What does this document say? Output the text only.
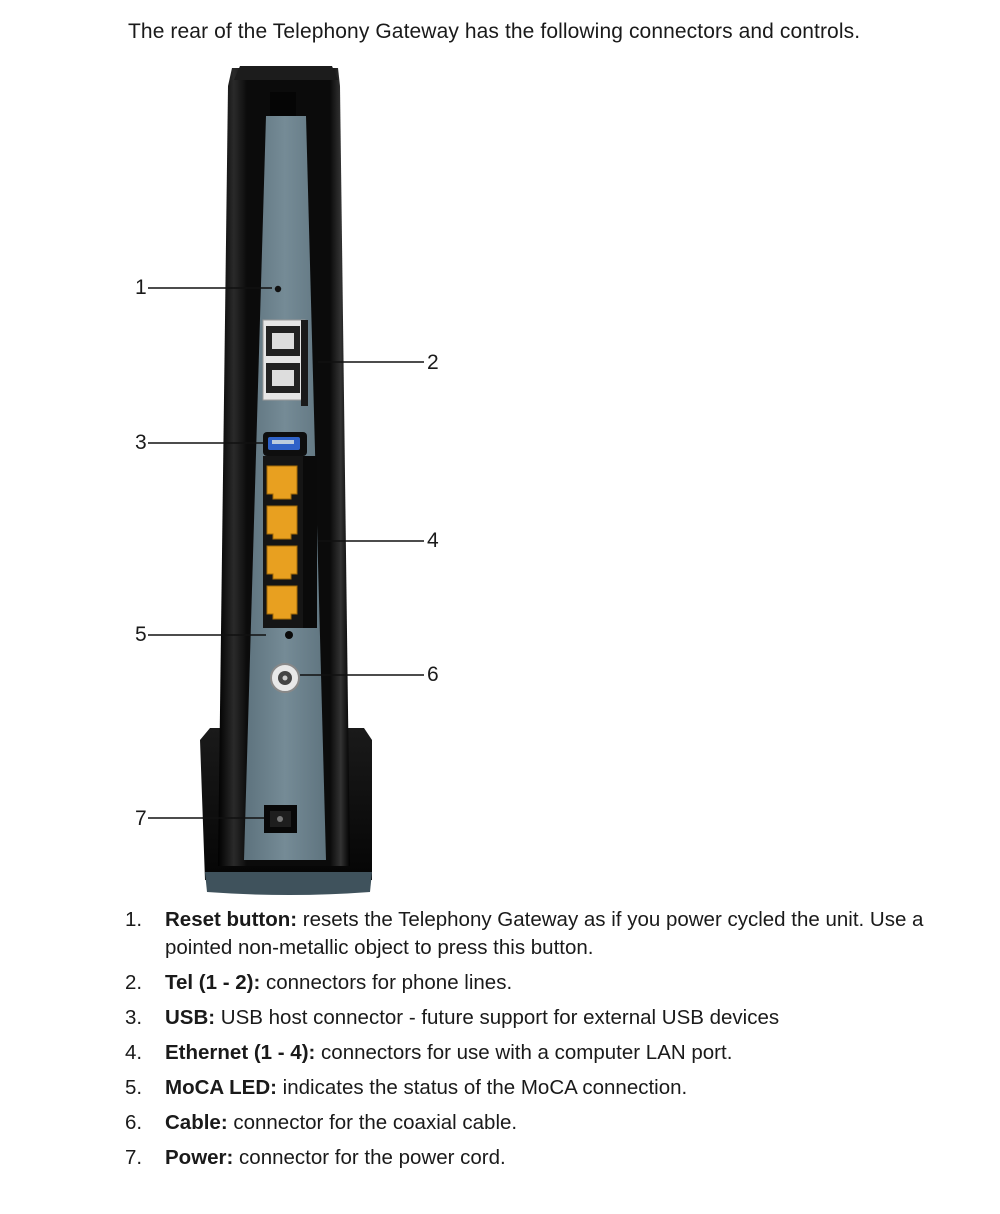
The rear of the Telephony Gateway has the following connectors and controls.
1
2
3
4
5
6
7
1. Reset button: resets the Telephony Gateway as if you power cycled the unit. Use a pointed non-metallic object to press this button.
2. Tel (1 - 2): connectors for phone lines.
3. USB: USB host connector - future support for external USB devices
4. Ethernet (1 - 4): connectors for use with a computer LAN port.
5. MoCA LED: indicates the status of the MoCA connection.
6. Cable: connector for the coaxial cable.
7. Power: connector for the power cord.
